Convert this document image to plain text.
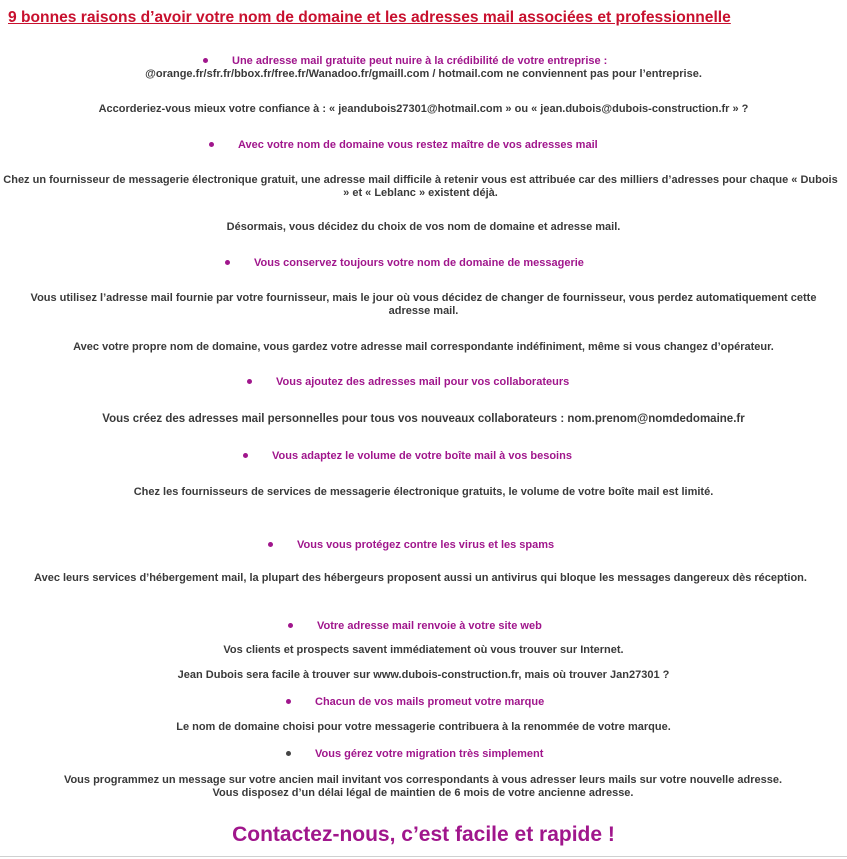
9 bonnes raisons d’avoir votre nom de domaine et les adresses mail associées et professionnelle
Une adresse mail gratuite peut nuire à la crédibilité de votre entreprise :
@orange.fr/sfr.fr/bbox.fr/free.fr/Wanadoo.fr/gmaill.com / hotmail.com ne conviennent pas pour l’entreprise.
Accorderiez-vous mieux votre confiance à : « jeandubois27301@hotmail.com » ou « jean.dubois@dubois-construction.fr » ?
Avec votre nom de domaine vous restez maître de vos adresses mail
Chez un fournisseur de messagerie électronique gratuit, une adresse mail difficile à retenir vous est attribuée car des milliers d’adresses pour chaque « Dubois » et « Leblanc » existent déjà.
Désormais, vous décidez du choix de vos nom de domaine et adresse mail.
Vous conservez toujours votre nom de domaine de messagerie
Vous utilisez l’adresse mail fournie par votre fournisseur, mais le jour où vous décidez de changer de fournisseur, vous perdez automatiquement cette adresse mail.
Avec votre propre nom de domaine, vous gardez votre adresse mail correspondante indéfiniment, même si vous changez d’opérateur.
Vous ajoutez des adresses mail pour vos collaborateurs
Vous créez des adresses mail personnelles pour tous vos nouveaux collaborateurs : nom.prenom@nomdedomaine.fr
Vous adaptez le volume de votre boîte mail à vos besoins
Chez les fournisseurs de services de messagerie électronique gratuits, le volume de votre boîte mail est limité.
Vous vous protégez contre les virus et les spams
Avec leurs services d’hébergement mail, la plupart des hébergeurs proposent aussi un antivirus qui bloque les messages dangereux dès réception.
Votre adresse mail renvoie à votre site web
Vos clients et prospects savent immédiatement où vous trouver sur Internet.
Jean Dubois sera facile à trouver sur www.dubois-construction.fr, mais où trouver Jan27301 ?
Chacun de vos mails promeut votre marque
Le nom de domaine choisi pour votre messagerie contribuera à la renommée de votre marque.
Vous gérez votre migration très simplement
Vous programmez un message sur votre ancien mail invitant vos correspondants à vous adresser leurs mails sur votre nouvelle adresse. Vous disposez d’un délai légal de maintien de 6 mois de votre ancienne adresse.
Contactez-nous, c’est facile et rapide !
